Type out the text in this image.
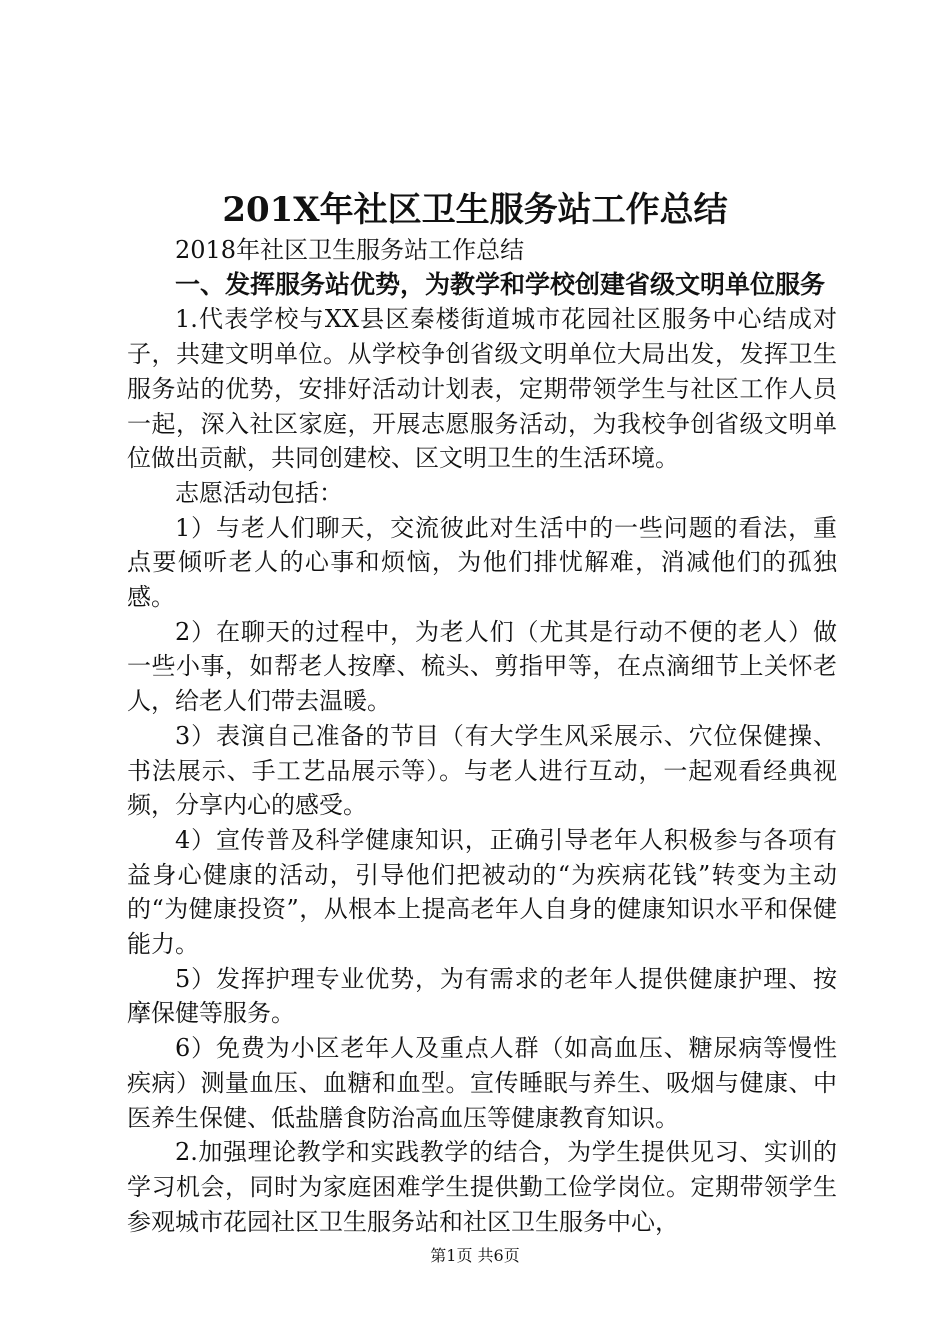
201X年社区卫生服务站工作总结

2018年社区卫生服务站工作总结

一、发挥服务站优势，为教学和学校创建省级文明单位服务

1.代表学校与XX县区秦楼街道城市花园社区服务中心结成对子，共建文明单位。从学校争创省级文明单位大局出发，发挥卫生服务站的优势，安排好活动计划表，定期带领学生与社区工作人员一起，深入社区家庭，开展志愿服务活动，为我校争创省级文明单位做出贡献，共同创建校、区文明卫生的生活环境。

志愿活动包括：

1）与老人们聊天，交流彼此对生活中的一些问题的看法，重点要倾听老人的心事和烦恼，为他们排忧解难，消减他们的孤独感。

2）在聊天的过程中，为老人们（尤其是行动不便的老人）做一些小事，如帮老人按摩、梳头、剪指甲等，在点滴细节上关怀老人，给老人们带去温暖。

3）表演自己准备的节目（有大学生风采展示、穴位保健操、书法展示、手工艺品展示等）。与老人进行互动，一起观看经典视频，分享内心的感受。

4）宣传普及科学健康知识，正确引导老年人积极参与各项有益身心健康的活动，引导他们把被动的“为疾病花钱”转变为主动的“为健康投资”，从根本上提高老年人自身的健康知识水平和保健能力。

5）发挥护理专业优势，为有需求的老年人提供健康护理、按摩保健等服务。

6）免费为小区老年人及重点人群（如高血压、糖尿病等慢性疾病）测量血压、血糖和血型。宣传睡眠与养生、吸烟与健康、中医养生保健、低盐膳食防治高血压等健康教育知识。

2.加强理论教学和实践教学的结合，为学生提供见习、实训的学习机会，同时为家庭困难学生提供勤工俭学岗位。定期带领学生参观城市花园社区卫生服务站和社区卫生服务中心，

第1页 共6页
